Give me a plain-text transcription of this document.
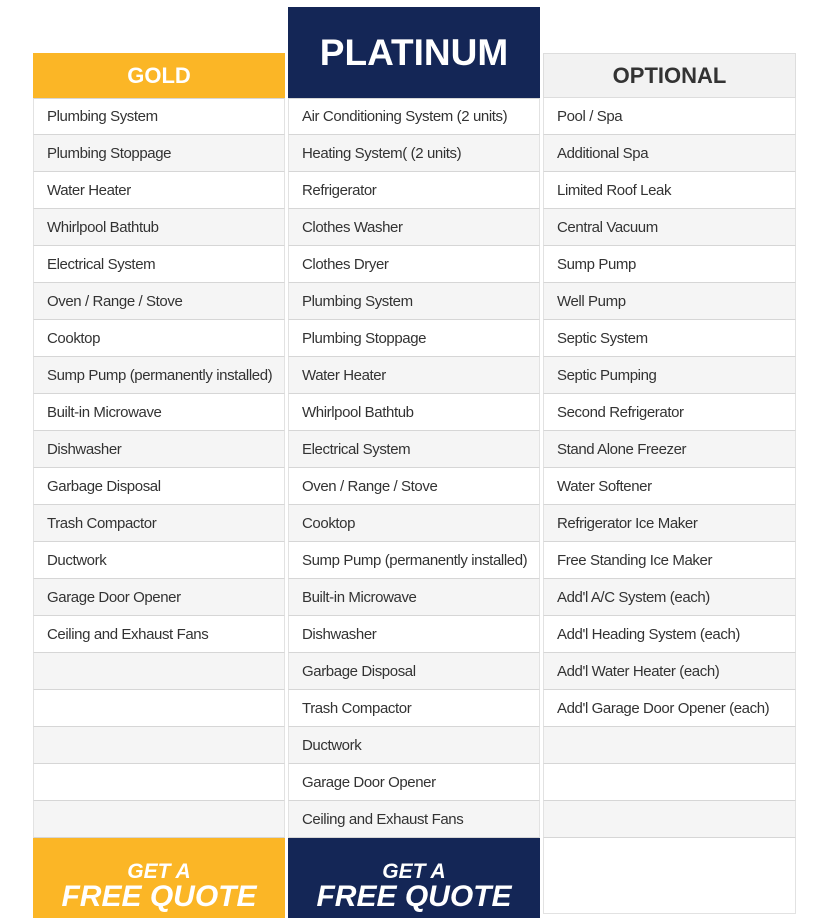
GOLD
Plumbing System
Plumbing Stoppage
Water Heater
Whirlpool Bathtub
Electrical System
Oven / Range / Stove
Cooktop
Sump Pump (permanently installed)
Built-in Microwave
Dishwasher
Garbage Disposal
Trash Compactor
Ductwork
Garage Door Opener
Ceiling and Exhaust Fans
GET A
FREE QUOTE
PLATINUM
Air Conditioning System (2 units)
Heating System( (2 units)
Refrigerator
Clothes Washer
Clothes Dryer
Plumbing System
Plumbing Stoppage
Water Heater
Whirlpool Bathtub
Electrical System
Oven / Range / Stove
Cooktop
Sump Pump (permanently installed)
Built-in Microwave
Dishwasher
Garbage Disposal
Trash Compactor
Ductwork
Garage Door Opener
Ceiling and Exhaust Fans
GET A
FREE QUOTE
OPTIONAL
Pool / Spa
Additional Spa
Limited Roof Leak
Central Vacuum
Sump Pump
Well Pump
Septic System
Septic Pumping
Second Refrigerator
Stand Alone Freezer
Water Softener
Refrigerator Ice Maker
Free Standing Ice Maker
Add'l A/C System (each)
Add'l Heading System (each)
Add'l Water Heater (each)
Add'l Garage Door Opener (each)
